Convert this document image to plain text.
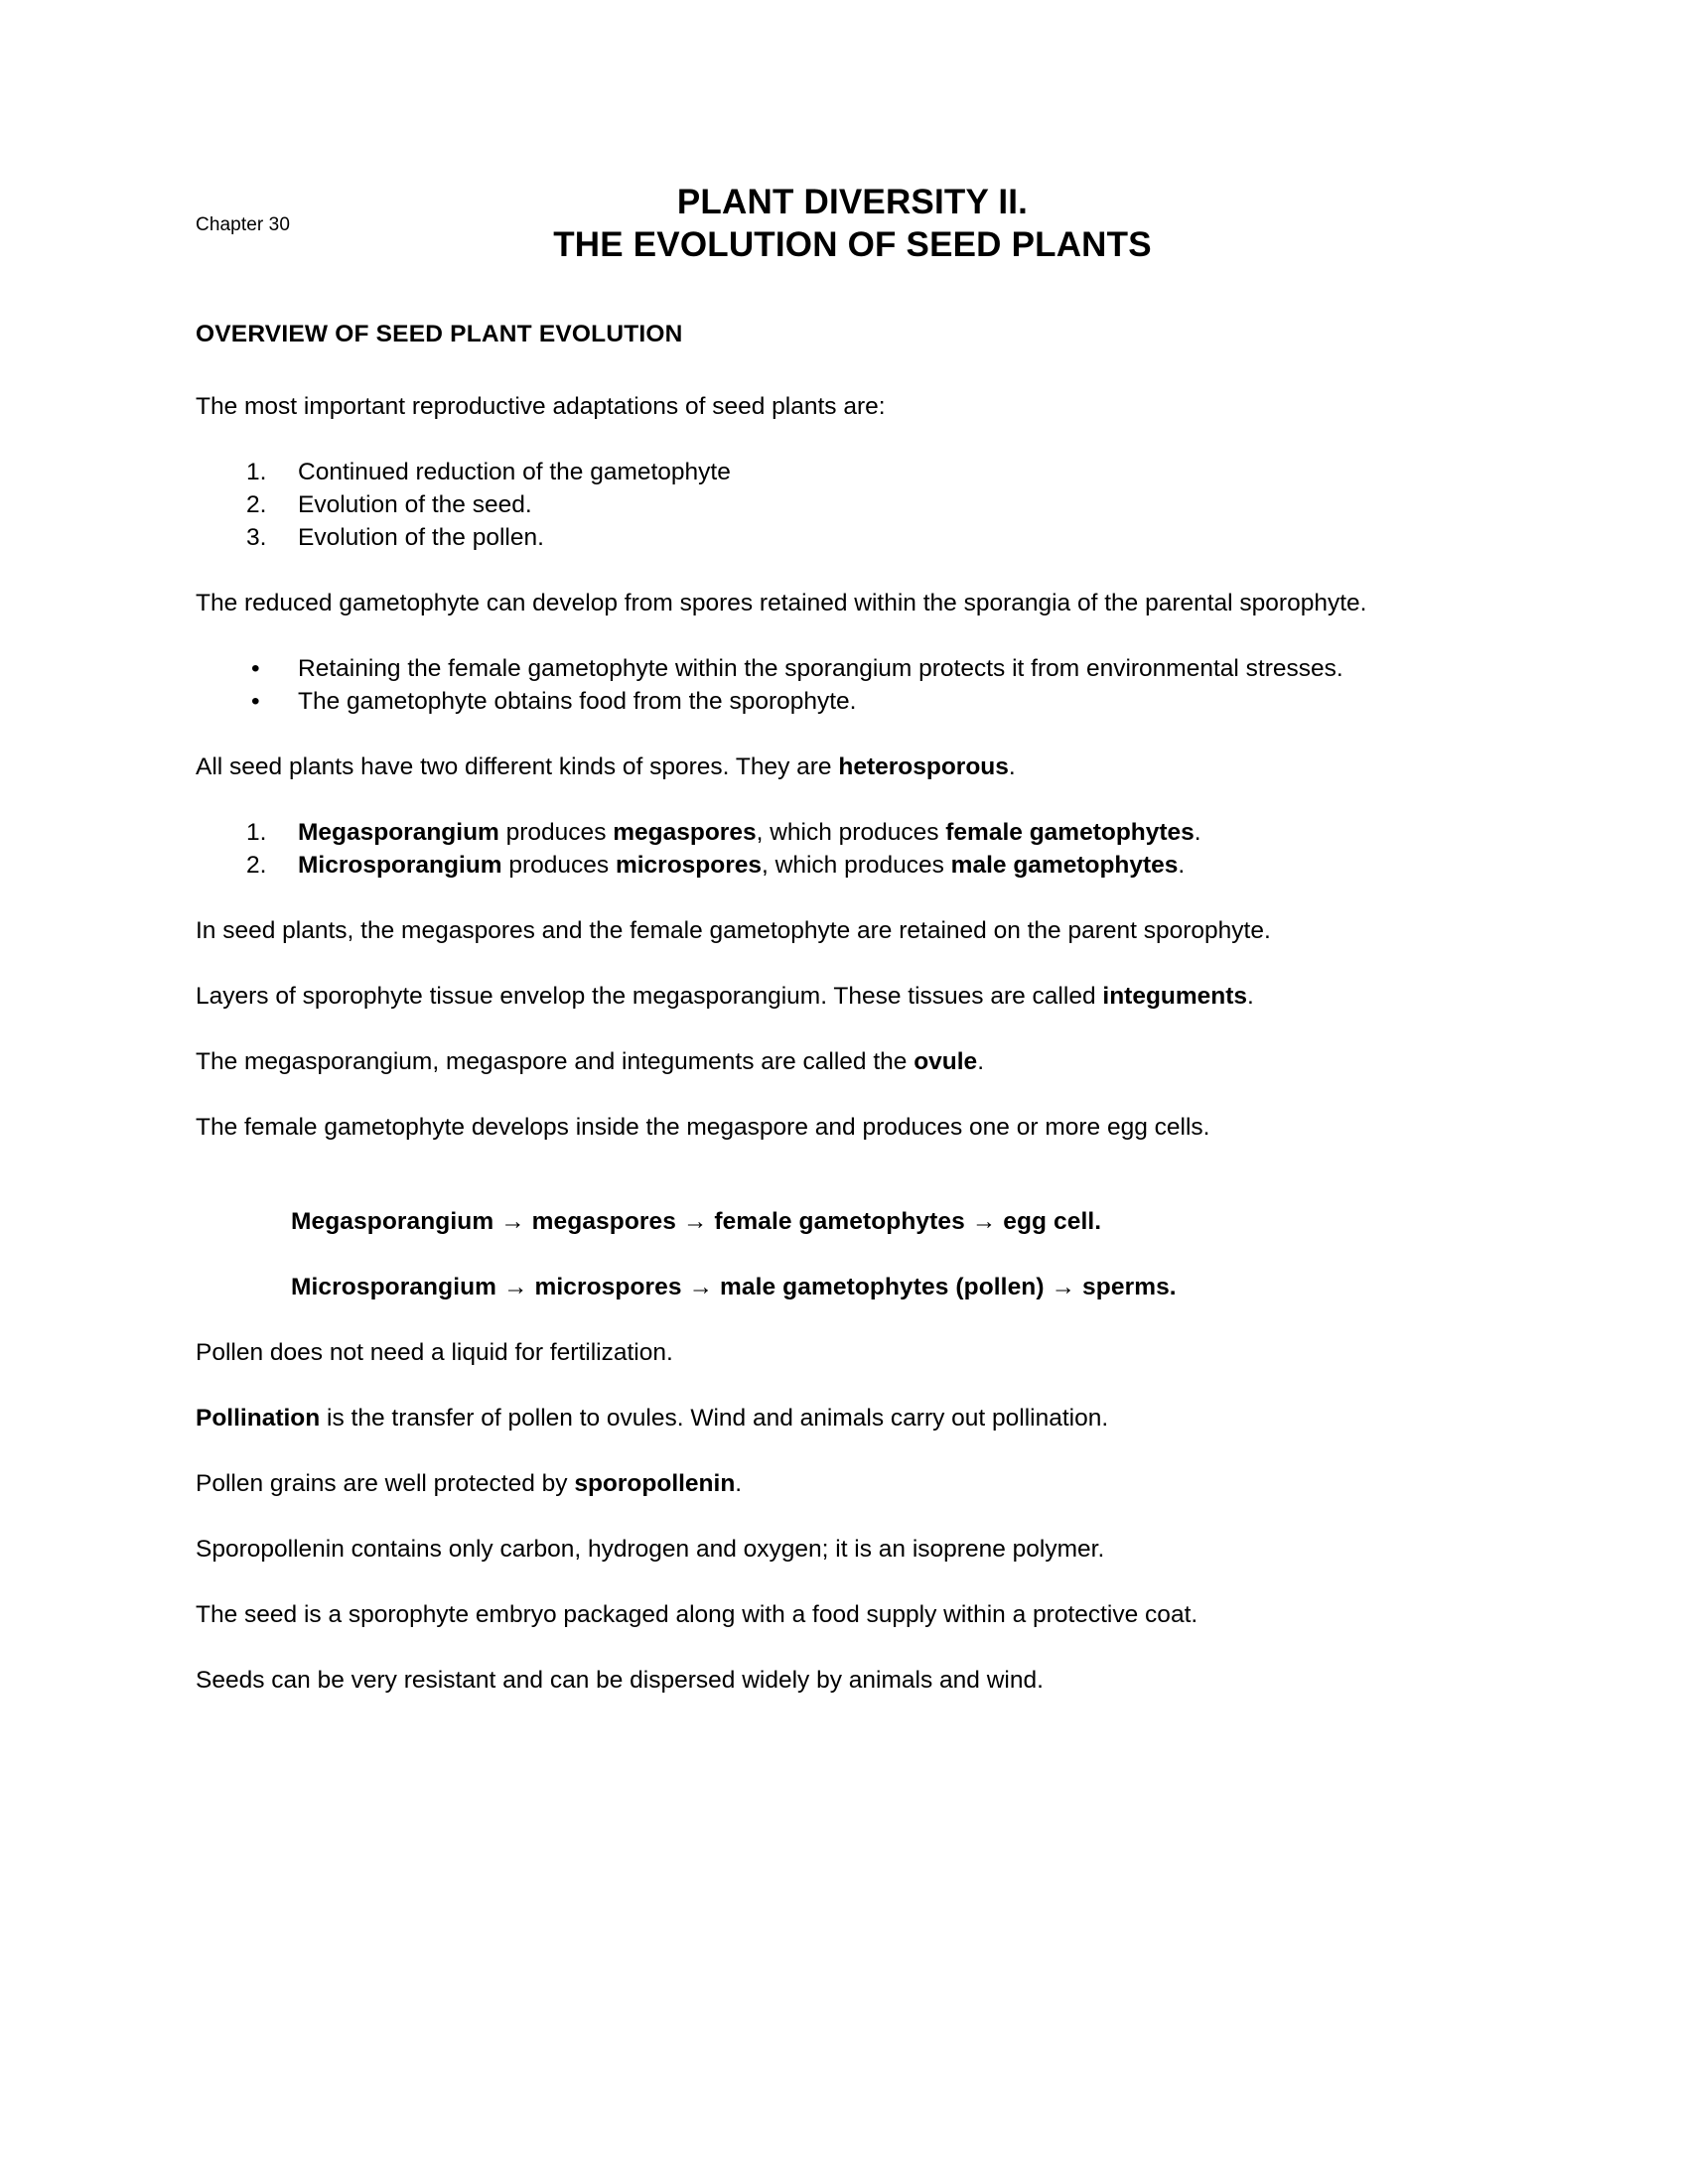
Chapter 30
PLANT DIVERSITY II.
THE EVOLUTION OF SEED PLANTS
OVERVIEW OF SEED PLANT EVOLUTION

The most important reproductive adaptations of seed plants are:

1.	Continued reduction of the gametophyte
2.	Evolution of the seed.
3.	Evolution of the pollen.

The reduced gametophyte can develop from spores retained within the sporangia of the parental sporophyte.

•	Retaining the female gametophyte within the sporangium protects it from environmental stresses.
•	The gametophyte obtains food from the sporophyte.

All seed plants have two different kinds of spores. They are heterosporous.

1.	Megasporangium produces megaspores, which produces female gametophytes.
2.	Microsporangium produces microspores, which produces male gametophytes.

In seed plants, the megaspores and the female gametophyte are retained on the parent sporophyte.

Layers of sporophyte tissue envelop the megasporangium. These tissues are called integuments.

The megasporangium, megaspore and integuments are called the ovule.

The female gametophyte develops inside the megaspore and produces one or more egg cells.

Megasporangium → megaspores → female gametophytes → egg cell.

Microsporangium → microspores → male gametophytes (pollen) → sperms.

Pollen does not need a liquid for fertilization.

Pollination is the transfer of pollen to ovules. Wind and animals carry out pollination.

Pollen grains are well protected by sporopollenin.

Sporopollenin contains only carbon, hydrogen and oxygen; it is an isoprene polymer.

The seed is a sporophyte embryo packaged along with a food supply within a protective coat.

Seeds can be very resistant and can be dispersed widely by animals and wind.
